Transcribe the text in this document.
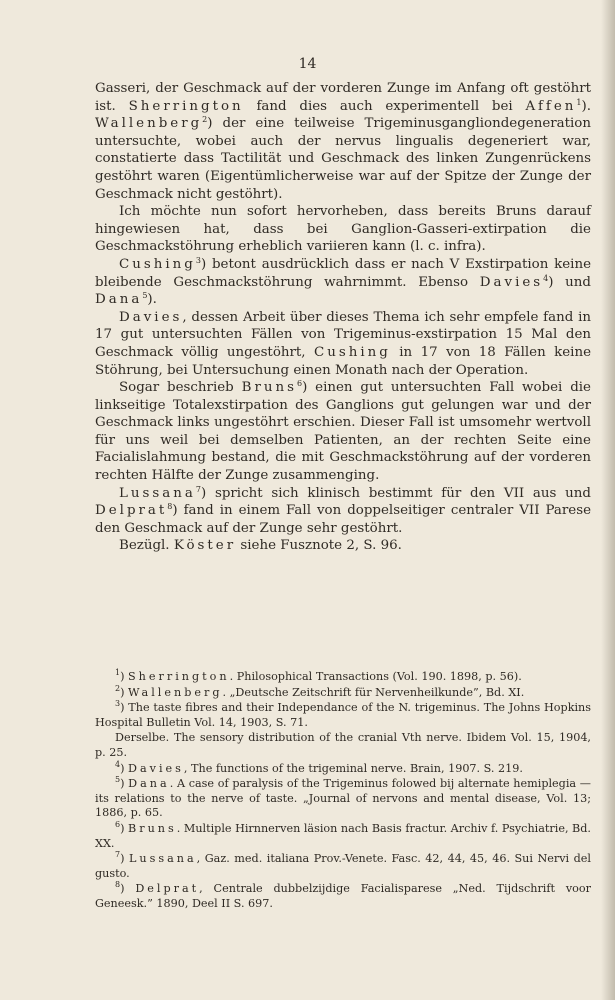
14

Gasseri, der Geschmack auf der vorderen Zunge im Anfang oft gestöhrt ist. Sherrington fand dies auch experimentell bei Affen$^1$). Wallenberg$^2$) der eine teilweise Trigeminusgangliondegeneration untersuchte, wobei auch der nervus lingualis degeneriert war, constatierte dass Tactilität und Geschmack des linken Zungenrückens gestöhrt waren (Eigentümlicherweise war auf der Spitze der Zunge der Geschmack nicht gestöhrt).

Ich möchte nun sofort hervorheben, dass bereits Bruns darauf hingewiesen hat, dass bei Ganglion-Gasseri-extirpation die Geschmackstöhrung erheblich variieren kann (l. c. infra).

Cushing$^3$) betont ausdrücklich dass er nach V Exstirpation keine bleibende Geschmackstöhrung wahrnimmt. Ebenso Davies$^4$) und Dana$^5$).

Davies, dessen Arbeit über dieses Thema ich sehr empfele fand in 17 gut untersuchten Fällen von Trigeminus-exstirpation 15 Mal den Geschmack völlig ungestöhrt, Cushing in 17 von 18 Fällen keine Stöhrung, bei Untersuchung einen Monath nach der Operation.

Sogar beschrieb Bruns$^6$) einen gut untersuchten Fall wobei die linkseitige Totalexstirpation des Ganglions gut gelungen war und der Geschmack links ungestöhrt erschien. Dieser Fall ist umsomehr wertvoll für uns weil bei demselben Patienten, an der rechten Seite eine Facialislahmung bestand, die mit Geschmackstöhrung auf der vorderen rechten Hälfte der Zunge zusammenging.

Lussana$^7$) spricht sich klinisch bestimmt für den VII aus und Delprat$^8$) fand in einem Fall von doppelseitiger centraler VII Parese den Geschmack auf der Zunge sehr gestöhrt.

Bezügl. Köster siehe Fusznote 2, S. 96.

$^1$) Sherrington. Philosophical Transactions (Vol. 190. 1898, p. 56).

$^2$) Wallenberg. „Deutsche Zeitschrift für Nervenheilkunde”, Bd. XI.

$^3$) The taste fibres and their Independance of the N. trigeminus. The Johns Hopkins Hospital Bulletin Vol. 14, 1903, S. 71.

Derselbe. The sensory distribution of the cranial Vth nerve. Ibidem Vol. 15, 1904, p. 25.

$^4$) Davies, The functions of the trigeminal nerve. Brain, 1907. S. 219.

$^5$) Dana. A case of paralysis of the Trigeminus folowed bij alternate hemiplegia — its relations to the nerve of taste. „Journal of nervons and mental disease, Vol. 13; 1886, p. 65.

$^6$) Bruns. Multiple Hirnnerven läsion nach Basis fractur. Archiv f. Psychiatrie, Bd. XX.

$^7$) Lussana, Gaz. med. italiana Prov.-Venete. Fasc. 42, 44, 45, 46. Sui Nervi del gusto.

$^8$) Delprat, Centrale dubbelzijdige Facialisparese „Ned. Tijdschrift voor Geneesk.” 1890, Deel II S. 697.
